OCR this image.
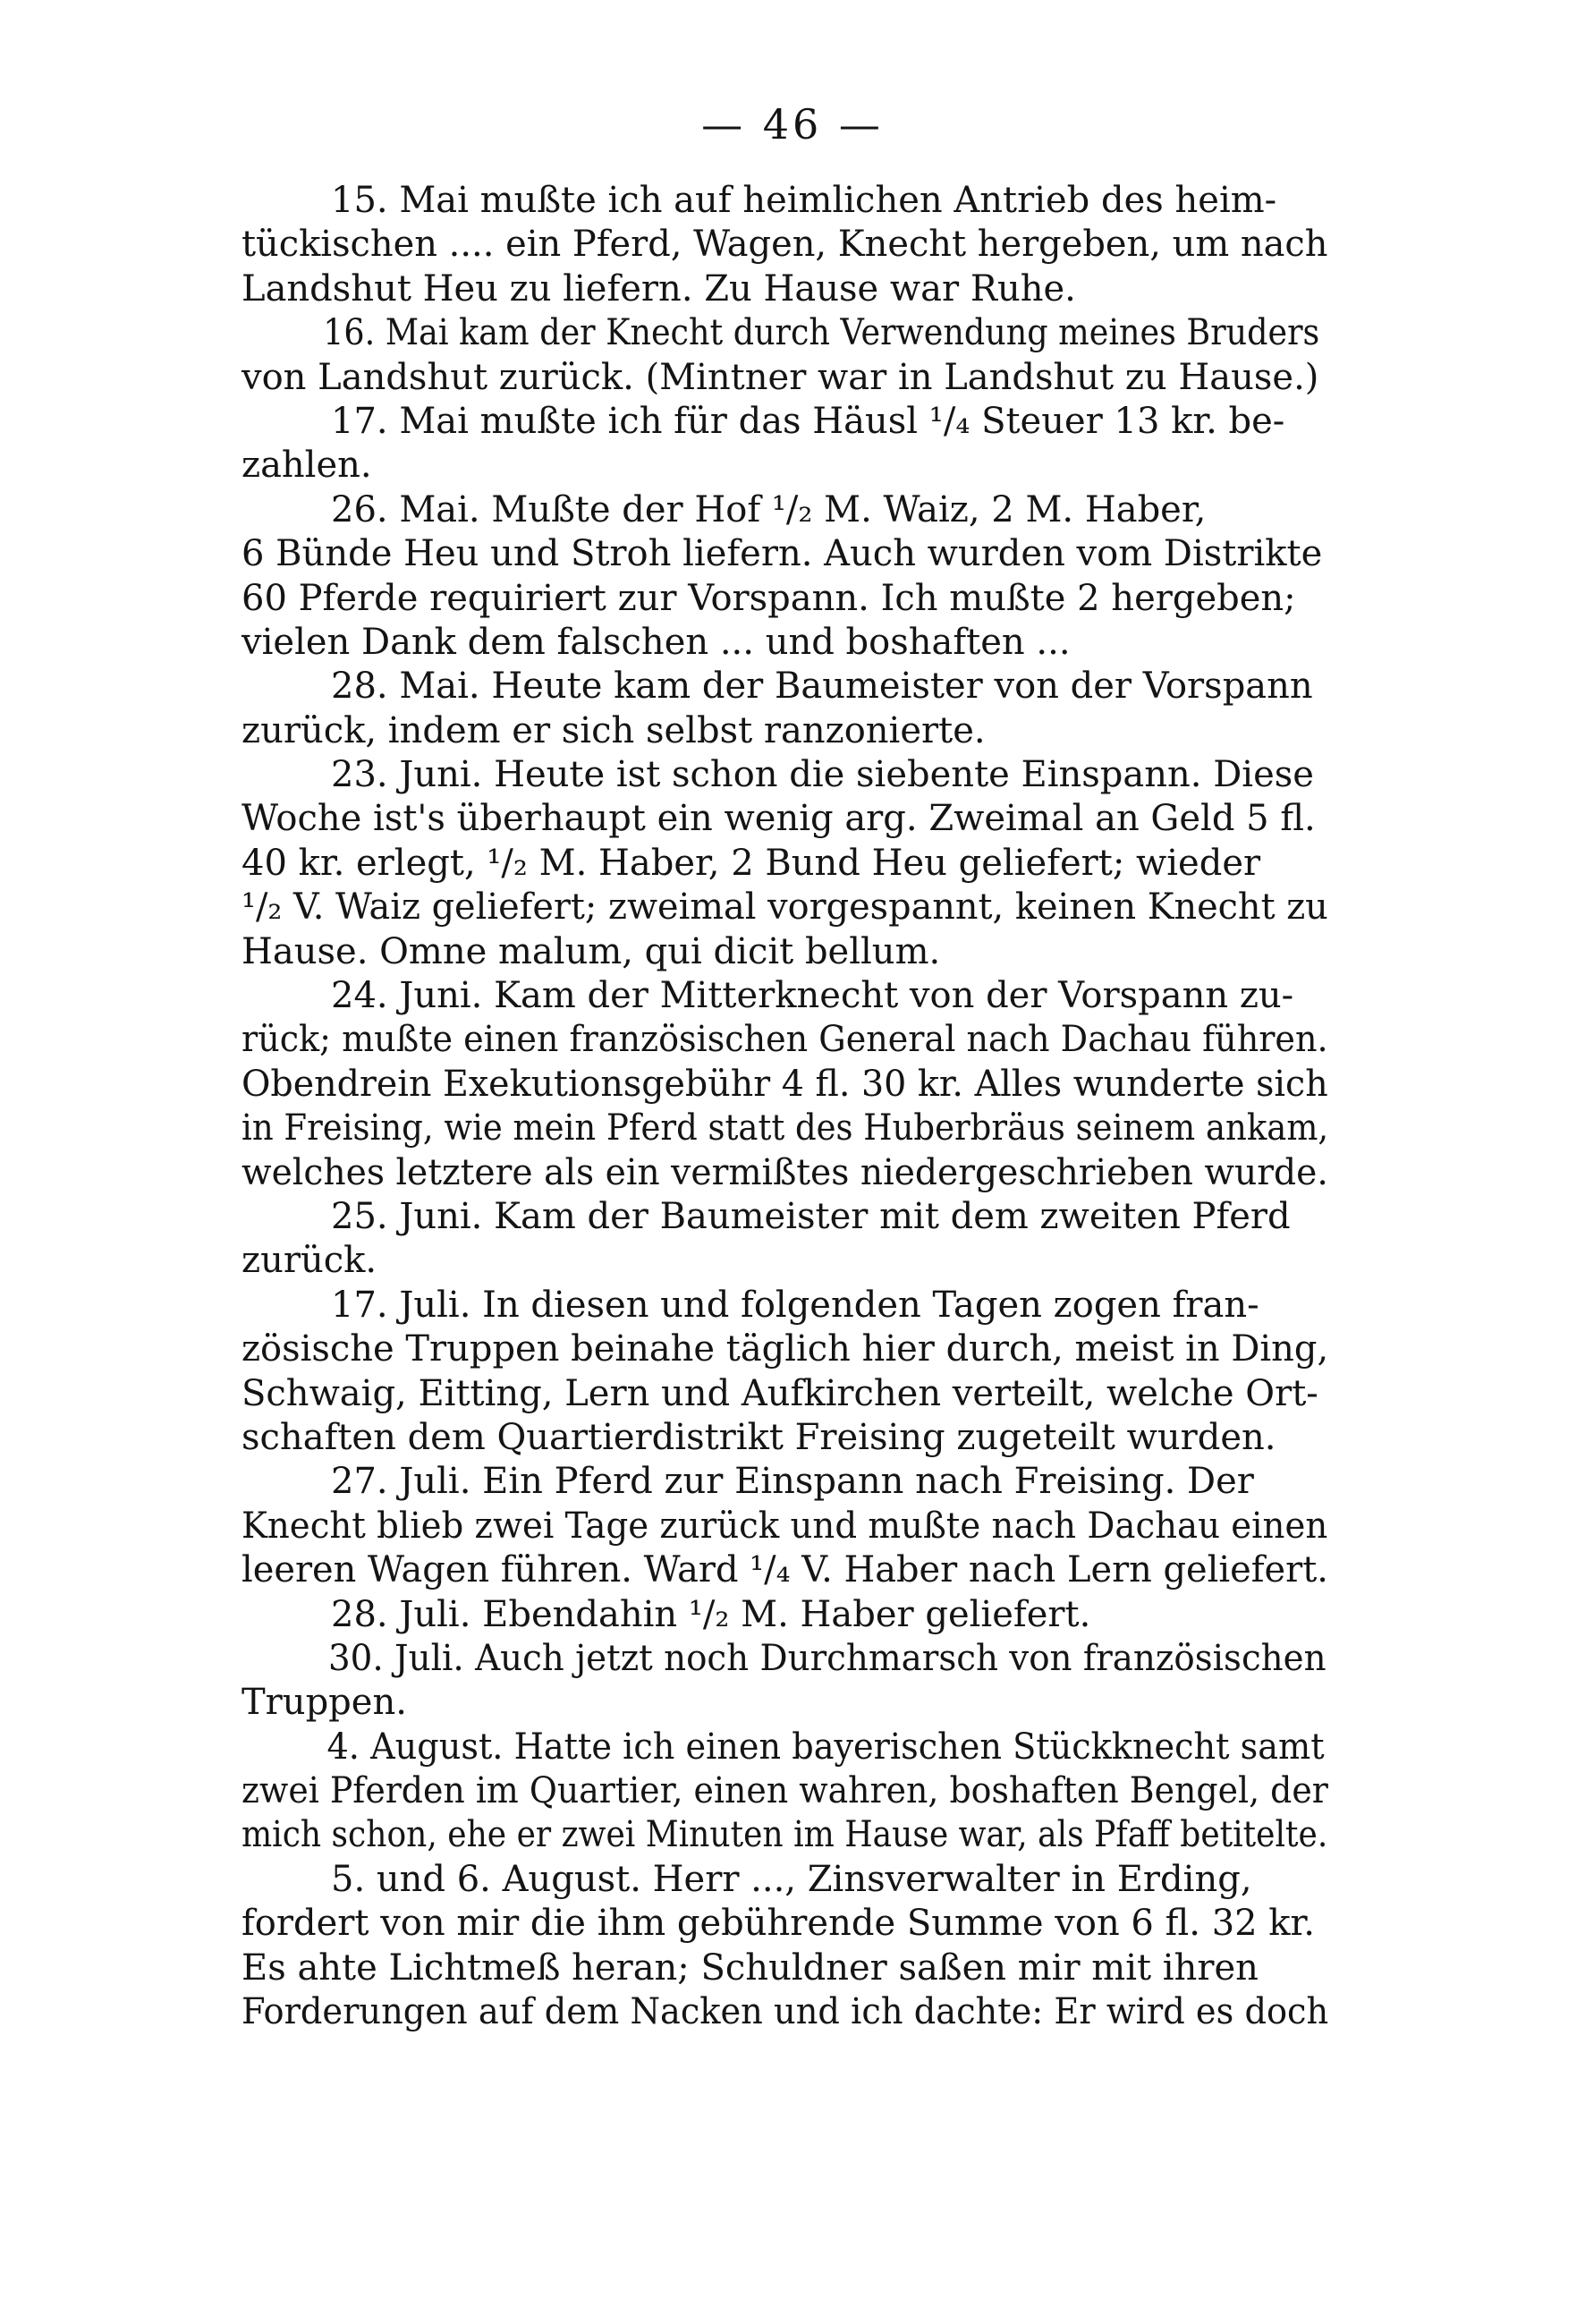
— 46 —
15. Mai mußte ich auf heimlichen Antrieb des heim-
tückischen .... ein Pferd, Wagen, Knecht hergeben, um nach
Landshut Heu zu liefern. Zu Hause war Ruhe.
16. Mai kam der Knecht durch Verwendung meines Bruders
von Landshut zurück. (Mintner war in Landshut zu Hause.)
17. Mai mußte ich für das Häusl ¹/₄ Steuer 13 kr. be-
zahlen.
26. Mai. Mußte der Hof ¹/₂ M. Waiz, 2 M. Haber,
6 Bünde Heu und Stroh liefern. Auch wurden vom Distrikte
60 Pferde requiriert zur Vorspann. Ich mußte 2 hergeben;
vielen Dank dem falschen ... und boshaften ...
28. Mai. Heute kam der Baumeister von der Vorspann
zurück, indem er sich selbst ranzonierte.
23. Juni. Heute ist schon die siebente Einspann. Diese
Woche ist's überhaupt ein wenig arg. Zweimal an Geld 5 fl.
40 kr. erlegt, ¹/₂ M. Haber, 2 Bund Heu geliefert; wieder
¹/₂ V. Waiz geliefert; zweimal vorgespannt, keinen Knecht zu
Hause. Omne malum, qui dicit bellum.
24. Juni. Kam der Mitterknecht von der Vorspann zu-
rück; mußte einen französischen General nach Dachau führen.
Obendrein Exekutionsgebühr 4 fl. 30 kr. Alles wunderte sich
in Freising, wie mein Pferd statt des Huberbräus seinem ankam,
welches letztere als ein vermißtes niedergeschrieben wurde.
25. Juni. Kam der Baumeister mit dem zweiten Pferd
zurück.
17. Juli. In diesen und folgenden Tagen zogen fran-
zösische Truppen beinahe täglich hier durch, meist in Ding,
Schwaig, Eitting, Lern und Aufkirchen verteilt, welche Ort-
schaften dem Quartierdistrikt Freising zugeteilt wurden.
27. Juli. Ein Pferd zur Einspann nach Freising. Der
Knecht blieb zwei Tage zurück und mußte nach Dachau einen
leeren Wagen führen. Ward ¹/₄ V. Haber nach Lern geliefert.
28. Juli. Ebendahin ¹/₂ M. Haber geliefert.
30. Juli. Auch jetzt noch Durchmarsch von französischen
Truppen.
4. August. Hatte ich einen bayerischen Stückknecht samt
zwei Pferden im Quartier, einen wahren, boshaften Bengel, der
mich schon, ehe er zwei Minuten im Hause war, als Pfaff betitelte.
5. und 6. August. Herr ..., Zinsverwalter in Erding,
fordert von mir die ihm gebührende Summe von 6 fl. 32 kr.
Es ahte Lichtmeß heran; Schuldner saßen mir mit ihren
Forderungen auf dem Nacken und ich dachte: Er wird es doch
